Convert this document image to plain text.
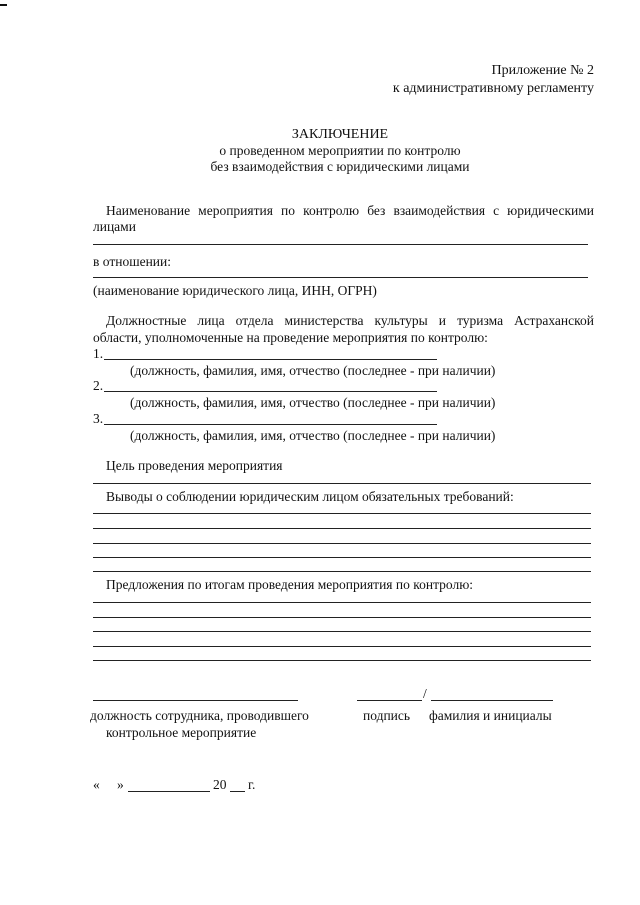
Приложение № 2
к административному регламенту
ЗАКЛЮЧЕНИЕ
о проведенном мероприятии по контролю
без взаимодействия с юридическими лицами
Наименование мероприятия по контролю без взаимодействия с юридическими
лицами
в отношении:
(наименование юридического лица, ИНН, ОГРН)
Должностные лица отдела министерства культуры и туризма Астраханской
области, уполномоченные на проведение мероприятия по контролю:
1.
(должность, фамилия, имя, отчество (последнее - при наличии)
2.
(должность, фамилия, имя, отчество (последнее - при наличии)
3.
(должность, фамилия, имя, отчество (последнее - при наличии)
Цель проведения мероприятия
Выводы о соблюдении юридическим лицом обязательных требований:
Предложения по итогам проведения мероприятия по контролю:
должность сотрудника, проводившего
контрольное мероприятие
/
подпись фамилия и инициалы
« »	20 г.
